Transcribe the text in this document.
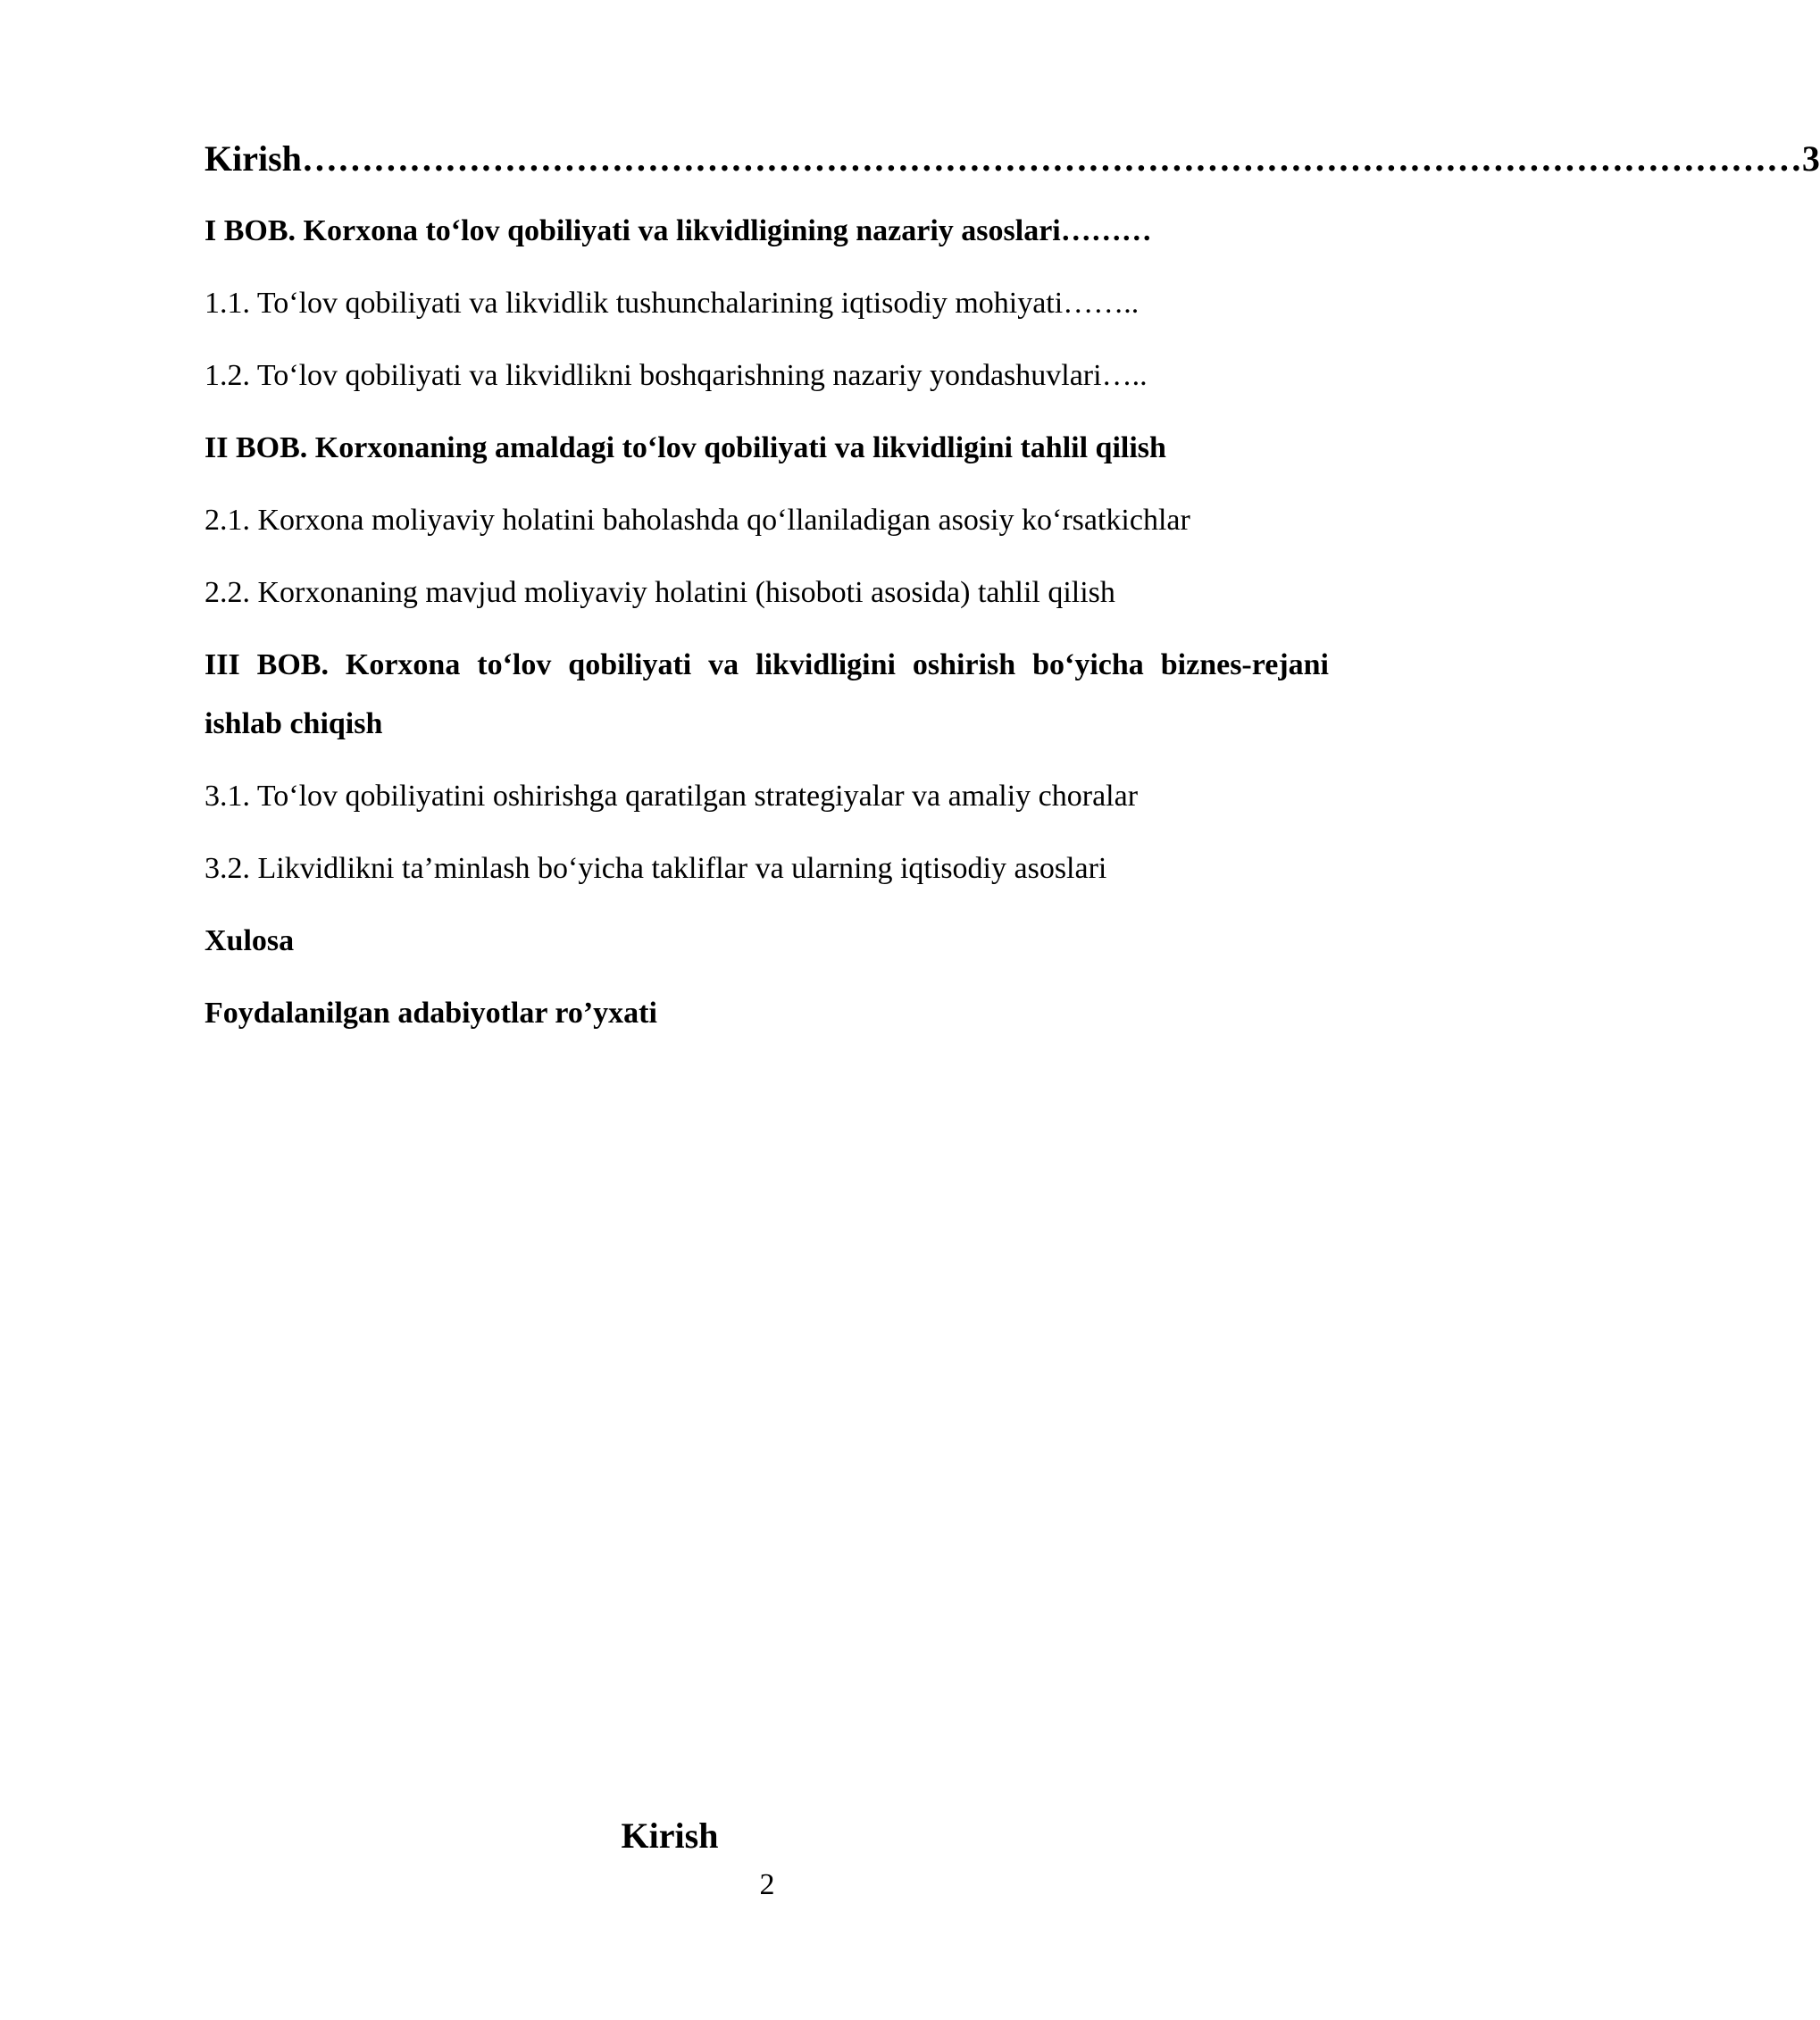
Kirish ……………………………………………………………………………………………………………… 3
I BOB. Korxona to‘lov qobiliyati va likvidligining nazariy asoslari………
1.1. To‘lov qobiliyati va likvidlik tushunchalarining iqtisodiy mohiyati……..
1.2. To‘lov qobiliyati va likvidlikni boshqarishning nazariy yondashuvlari…..
II BOB. Korxonaning amaldagi to‘lov qobiliyati va likvidligini tahlil qilish
2.1. Korxona moliyaviy holatini baholashda qo‘llaniladigan asosiy ko‘rsatkichlar
2.2. Korxonaning mavjud moliyaviy holatini (hisoboti asosida) tahlil qilish
III BOB. Korxona to‘lov qobiliyati va likvidligini oshirish bo‘yicha biznes-rejani ishlab chiqish
3.1. To‘lov qobiliyatini oshirishga qaratilgan strategiyalar va amaliy choralar
3.2. Likvidlikni ta’minlash bo‘yicha takliflar va ularning iqtisodiy asoslari
Xulosa
Foydalanilgan adabiyotlar ro’yxati
Kirish
2
